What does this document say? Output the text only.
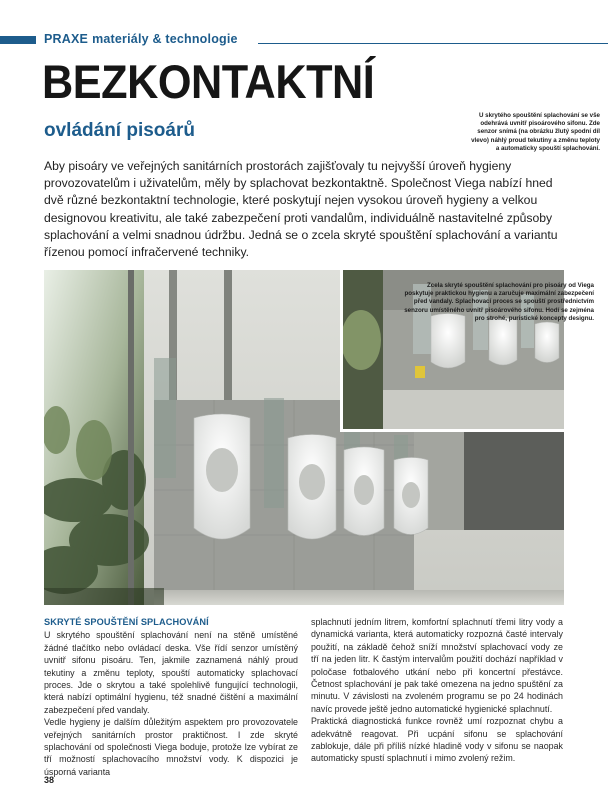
PRAXE materiály & technologie
BEZKONTAKTNÍ
ovládání pisoárů

Aby pisoáry ve veřejných sanitárních prostorách zajišťovaly tu nejvyšší úroveň hygieny provozovatelům i uživatelům, měly by splachovat bezkontaktně. Společnost Viega nabízí hned dvě různé bezkontaktní technologie, které poskytují nejen vysokou úroveň hygieny a velkou designovou kreativitu, ale také zabezpečení proti vandalům, individuálně nastavitelné způsoby splachování a velmi snadnou údržbu. Jedná se o zcela skryté spouštění splachování a variantu řízenou pomocí infračervené techniky.

U skrytého spouštění splachování se vše odehrává uvnitř pisoárového sifonu. Zde senzor snímá (na obrázku žlutý spodní díl vlevo) náhlý proud tekutiny a změnu teploty a automaticky spouští splachování.
Zcela skryté spouštění splachování pro pisoáry od Viega poskytuje praktickou hygienu a zaručuje maximální zabezpečení před vandaly. Splachovací proces se spouští prostřednictvím senzoru umístěného uvnitř pisoárového sifonu. Hodí se zejména pro strohé, puristické koncepty designu.

SKRYTÉ SPOUŠTĚNÍ SPLACHOVÁNÍ

U skrytého spouštění splachování není na stěně umístěné žádné tlačítko nebo ovládací deska. Vše řídí senzor umístěný uvnitř sifonu pisoáru. Ten, jakmile zaznamená náhlý proud tekutiny a změnu teploty, spouští automaticky splachovací proces. Jde o skrytou a také spolehlivě fungující technologii, která nabízí optimální hygienu, též snadné čištění a maximální zabezpečení před vandaly.

Vedle hygieny je dalším důležitým aspektem pro provozovatele veřejných sanitárních prostor praktičnost. I zde skryté splachování od společnosti Viega boduje, protože lze vybírat ze tří možností splachovacího množství vody. K dispozici je úsporná varianta

splachnutí jedním litrem, komfortní splachnutí třemi litry vody a dynamická varianta, která automaticky rozpozná časté intervaly použití, na základě čehož sníží množství splachovací vody ze tří na jeden litr. K častým intervalům použití dochází například v poločase fotbalového utkání nebo při koncertní přestávce. Četnost splachování je pak také omezena na jedno spuštění za minutu. V závislosti na zvoleném programu se po 24 hodinách navíc provede ještě jedno automatické hygienické splachnutí.

Praktická diagnostická funkce rovněž umí rozpoznat chybu a adekvátně reagovat. Při ucpání sifonu se splachování zablokuje, dále při příliš nízké hladině vody v sifonu se naopak automaticky spustí splachnutí i mimo zvolený režim.

38
